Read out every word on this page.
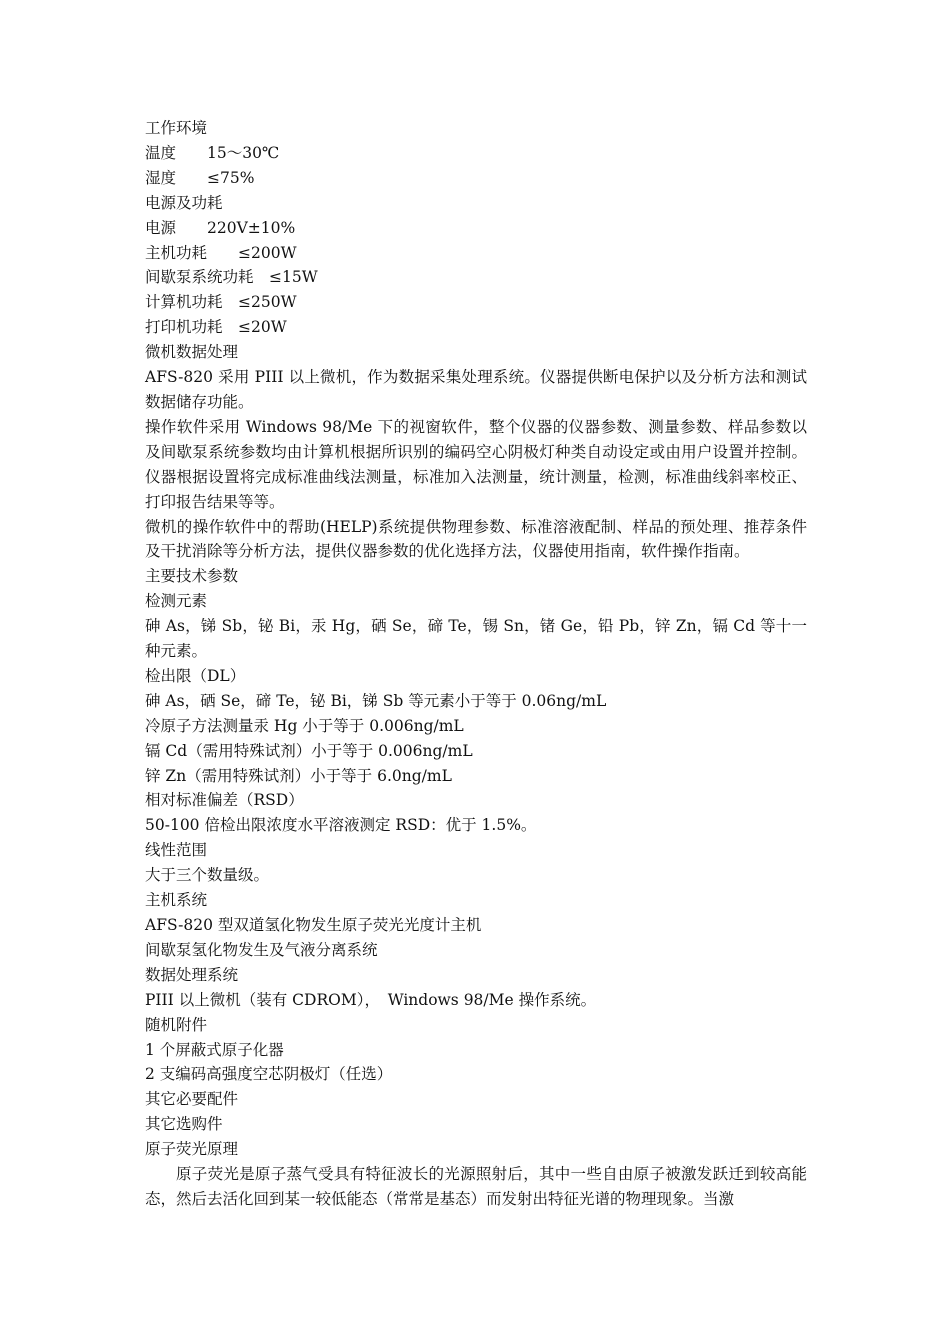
工作环境

温度　　15～30℃

湿度　　≤75%

电源及功耗

电源　　220V±10%

主机功耗　　≤200W

间歇泵系统功耗　≤15W

计算机功耗　≤250W

打印机功耗　≤20W

微机数据处理

AFS-820 采用 PIII 以上微机，作为数据采集处理系统。仪器提供断电保护以及分析方法和测试数据储存功能。

操作软件采用 Windows 98/Me 下的视窗软件，整个仪器的仪器参数、测量参数、样品参数以及间歇泵系统参数均由计算机根据所识别的编码空心阴极灯种类自动设定或由用户设置并控制。仪器根据设置将完成标准曲线法测量，标准加入法测量，统计测量，检测，标准曲线斜率校正、打印报告结果等等。

微机的操作软件中的帮助(HELP)系统提供物理参数、标准溶液配制、样品的预处理、推荐条件及干扰消除等分析方法，提供仪器参数的优化选择方法，仪器使用指南，软件操作指南。

主要技术参数

检测元素

砷 As，锑 Sb，铋 Bi，汞 Hg，硒 Se，碲 Te，锡 Sn，锗 Ge，铅 Pb，锌 Zn，镉 Cd 等十一种元素。

检出限（DL）

砷 As，硒 Se，碲 Te，铋 Bi，锑 Sb 等元素小于等于 0.06ng/mL

冷原子方法测量汞 Hg 小于等于 0.006ng/mL

镉 Cd（需用特殊试剂）小于等于 0.006ng/mL

锌 Zn（需用特殊试剂）小于等于 6.0ng/mL

相对标准偏差（RSD）

50-100 倍检出限浓度水平溶液测定 RSD：优于 1.5%。

线性范围

大于三个数量级。

主机系统

AFS-820 型双道氢化物发生原子荧光光度计主机

间歇泵氢化物发生及气液分离系统

数据处理系统

PIII 以上微机（装有 CDROM），　Windows 98/Me 操作系统。

随机附件

1 个屏蔽式原子化器

2 支编码高强度空芯阴极灯（任选）

其它必要配件

其它选购件

原子荧光原理

原子荧光是原子蒸气受具有特征波长的光源照射后，其中一些自由原子被激发跃迁到较高能态，然后去活化回到某一较低能态（常常是基态）而发射出特征光谱的物理现象。当激
